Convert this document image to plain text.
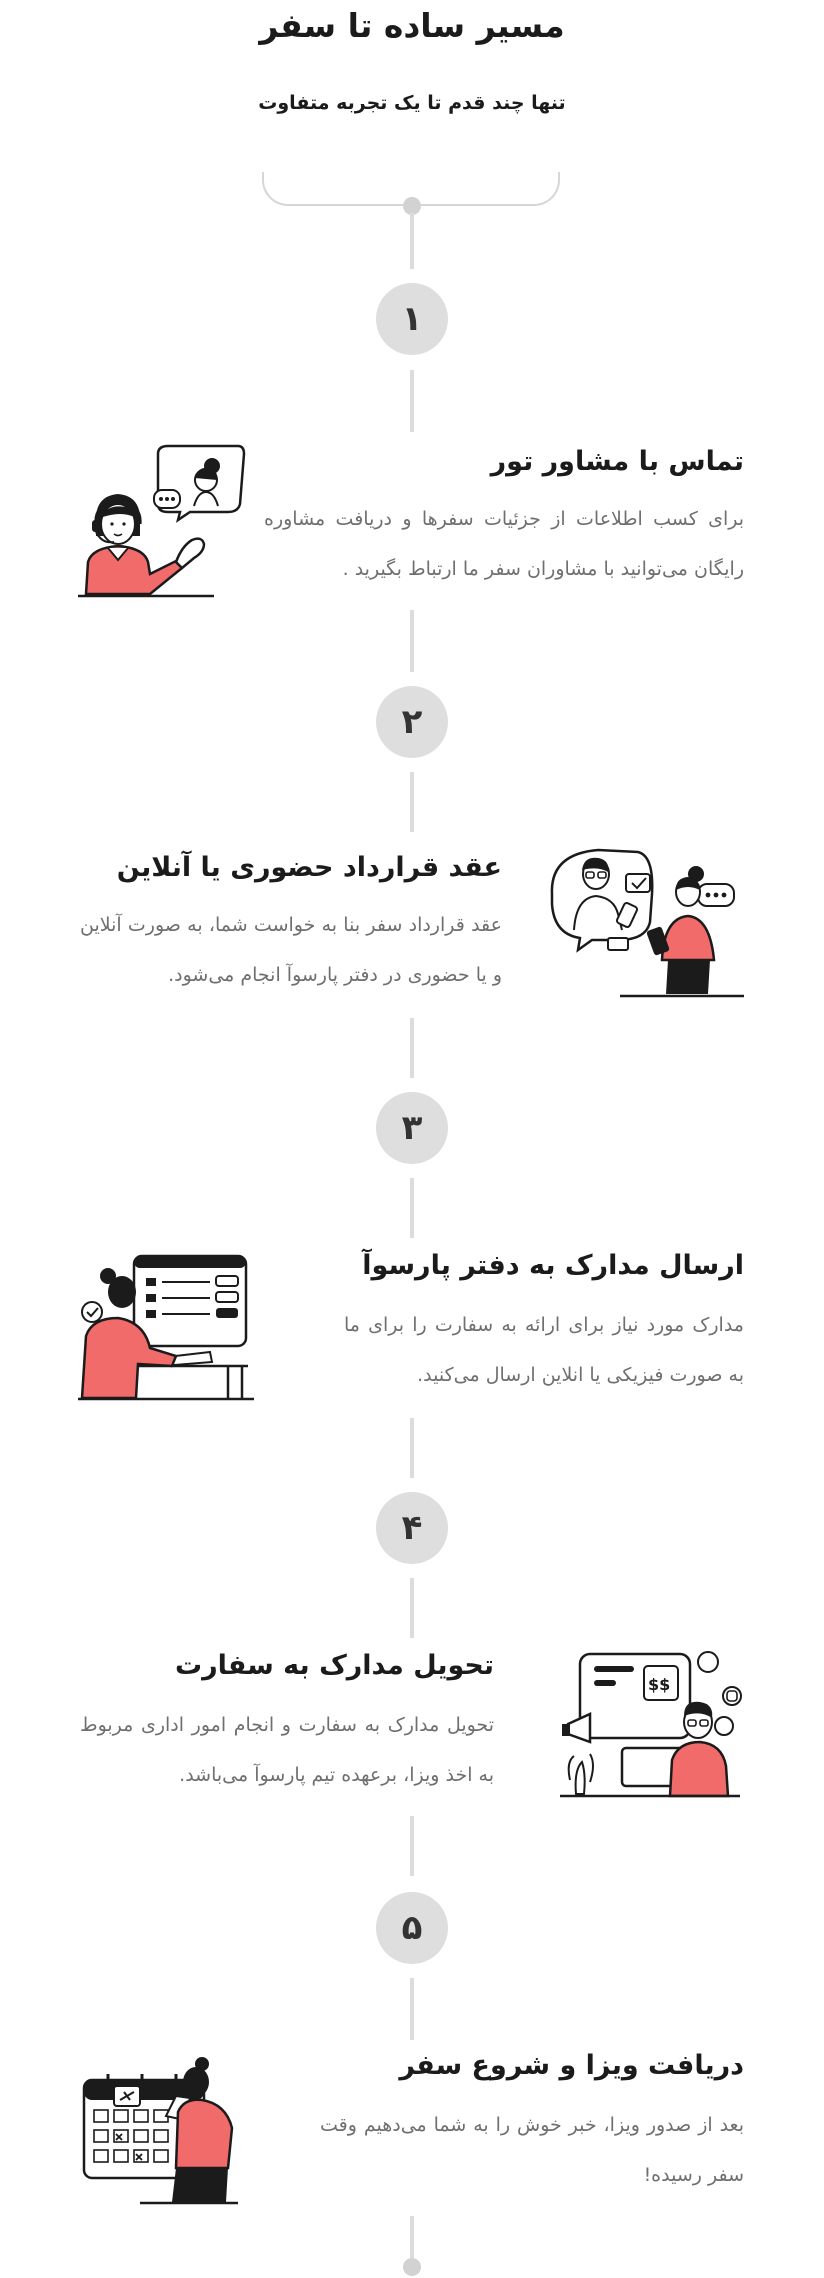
مسیر ساده تا سفر
تنها چند قدم تا یک تجربه متفاوت
۱
تماس با مشاور تور
برای کسب اطلاعات از جزئیات سفرها و دریافت مشاوره رایگان می‌توانید با مشاوران سفر ما ارتباط بگیرید .
۲
عقد قرارداد حضوری یا آنلاین
عقد قرارداد سفر بنا به خواست شما، به صورت آنلاین و یا حضوری در دفتر پارسوآ انجام می‌شود.
۳
ارسال مدارک به دفتر پارسوآ
مدارک مورد نیاز برای ارائه به سفارت را برای ما به صورت فیزیکی یا انلاین ارسال می‌کنید.
۴
تحویل مدارک به سفارت
تحویل مدارک به سفارت و انجام امور اداری مربوط به اخذ ویزا، برعهده تیم پارسوآ می‌باشد.
$$
۵
دریافت ویزا و شروع سفر
بعد از صدور ویزا، خبر خوش را به شما می‌دهیم وقت سفر رسیده!
